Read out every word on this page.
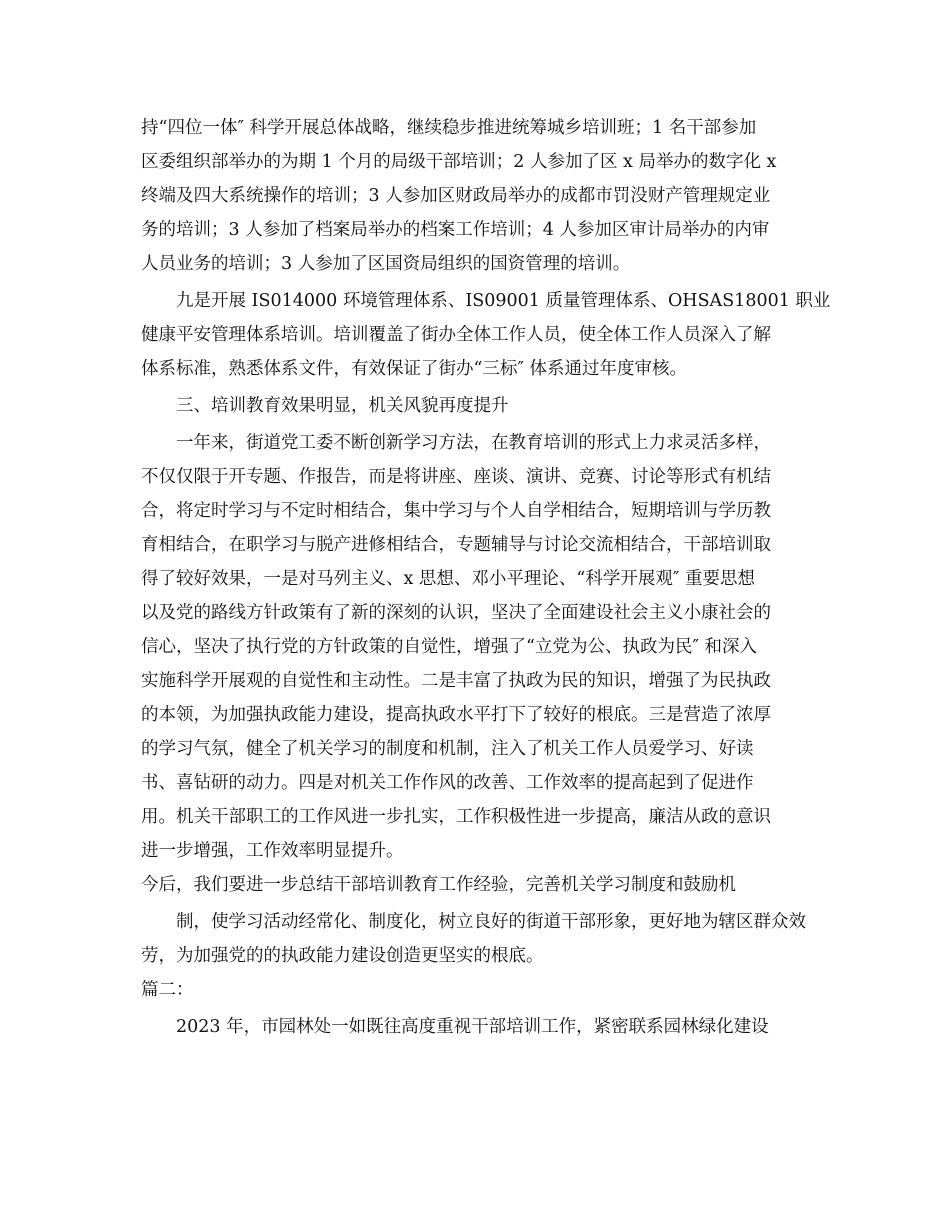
持“四位一体″ 科学开展总体战略，继续稳步推进统筹城乡培训班；1 名干部参加

区委组织部举办的为期 1 个月的局级干部培训；2 人参加了区 x 局举办的数字化 x

终端及四大系统操作的培训；3 人参加区财政局举办的成都市罚没财产管理规定业

务的培训；3 人参加了档案局举办的档案工作培训；4 人参加区审计局举办的内审

人员业务的培训；3 人参加了区国资局组织的国资管理的培训。

九是开展 IS014000 环境管理体系、IS09001 质量管理体系、OHSAS18001 职业

健康平安管理体系培训。培训覆盖了街办全体工作人员，使全体工作人员深入了解

体系标准，熟悉体系文件，有效保证了街办“三标″ 体系通过年度审核。

三、培训教育效果明显，机关风貌再度提升

一年来，街道党工委不断创新学习方法，在教育培训的形式上力求灵活多样，

不仅仅限于开专题、作报告，而是将讲座、座谈、演讲、竞赛、讨论等形式有机结

合，将定时学习与不定时相结合，集中学习与个人自学相结合，短期培训与学历教

育相结合，在职学习与脱产进修相结合，专题辅导与讨论交流相结合，干部培训取

得了较好效果，一是对马列主义、x 思想、邓小平理论、“科学开展观″ 重要思想

以及党的路线方针政策有了新的深刻的认识，坚决了全面建设社会主义小康社会的

信心，坚决了执行党的方针政策的自觉性，增强了“立党为公、执政为民″ 和深入

实施科学开展观的自觉性和主动性。二是丰富了执政为民的知识，增强了为民执政

的本领，为加强执政能力建设，提高执政水平打下了较好的根底。三是营造了浓厚

的学习气氛，健全了机关学习的制度和机制，注入了机关工作人员爱学习、好读

书、喜钻研的动力。四是对机关工作作风的改善、工作效率的提高起到了促进作

用。机关干部职工的工作风进一步扎实，工作积极性进一步提高，廉洁从政的意识

进一步增强，工作效率明显提升。

今后，我们要进一步总结干部培训教育工作经验，完善机关学习制度和鼓励机

制，使学习活动经常化、制度化，树立良好的街道干部形象，更好地为辖区群众效

劳，为加强党的的执政能力建设创造更坚实的根底。

篇二：

2023 年，市园林处一如既往高度重视干部培训工作，紧密联系园林绿化建设
